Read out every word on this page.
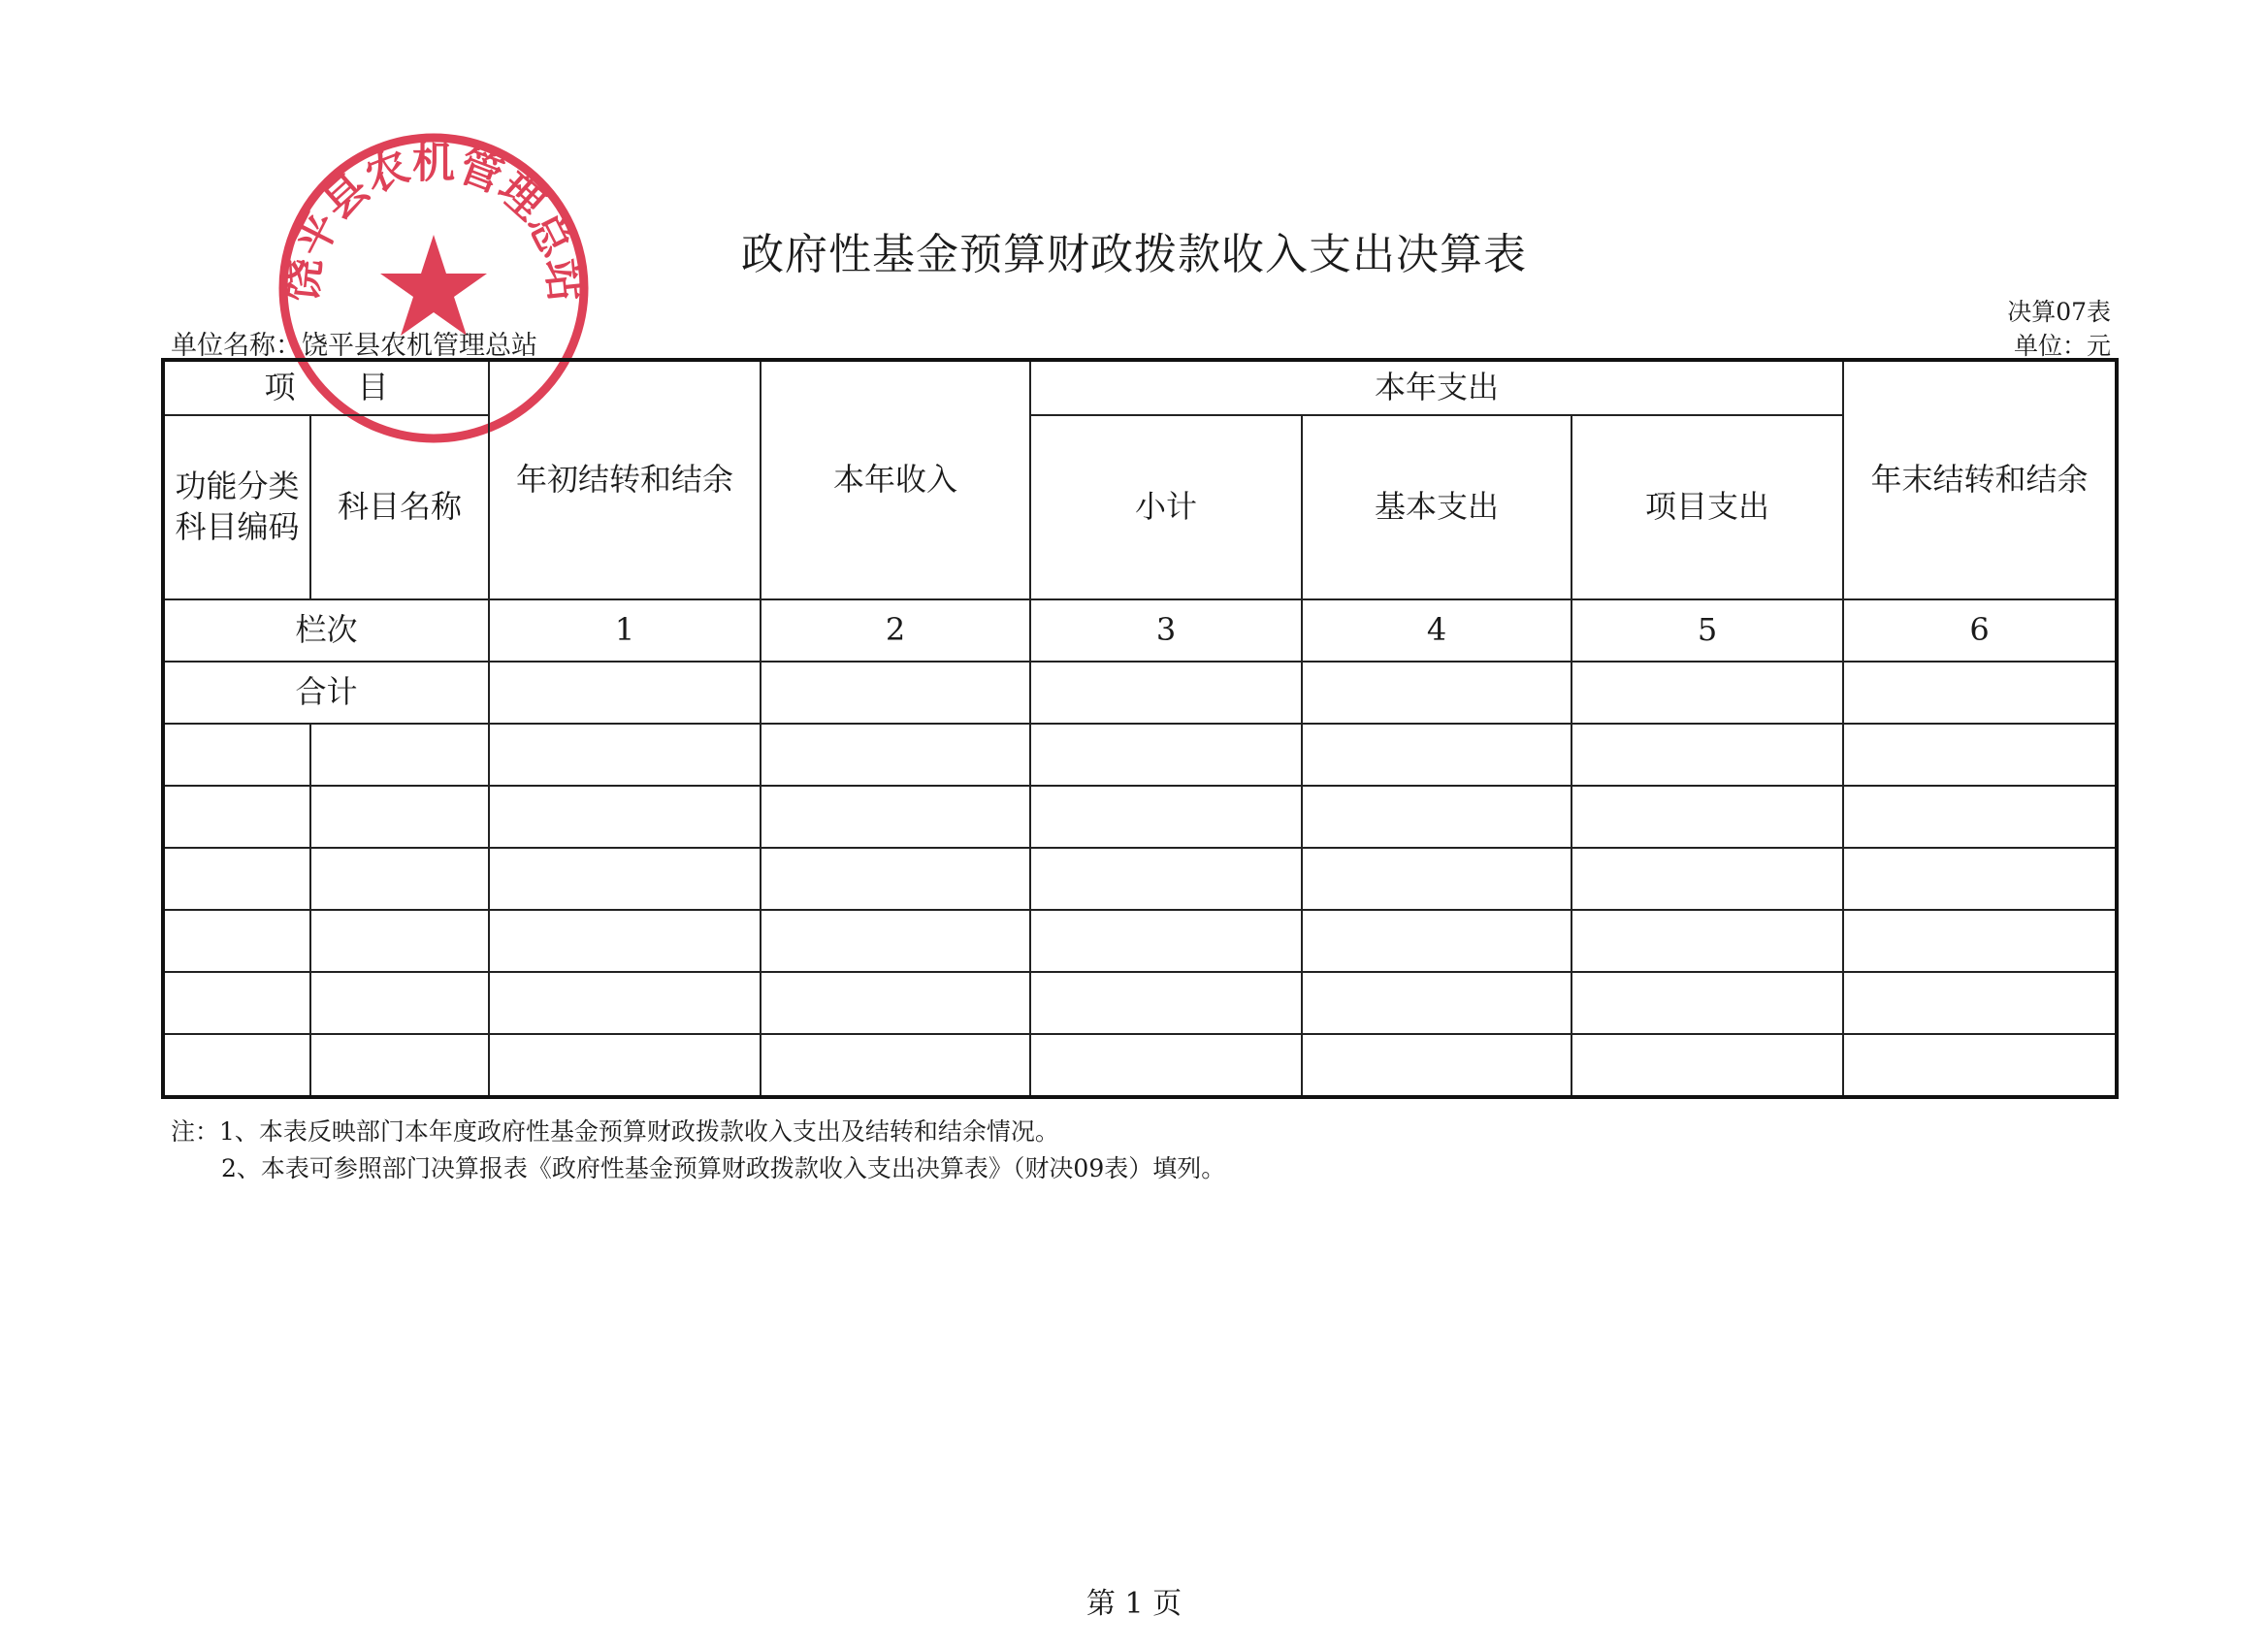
饶平县农机管理总站
政府性基金预算财政拨款收入支出决算表
单位名称：饶平县农机管理总站
决算07表
单位：元
项　　目		年初结转和结余	本年收入	本年支出			年末结转和结余
功能分类
科目编码	科目名称			小计	基本支出	项目支出	
栏次		1	2	3	4	5	6
合计							

注：1、本表反映部门本年度政府性基金预算财政拨款收入支出及结转和结余情况。
2、本表可参照部门决算报表《政府性基金预算财政拨款收入支出决算表》（财决09表）填列。
第 1 页
